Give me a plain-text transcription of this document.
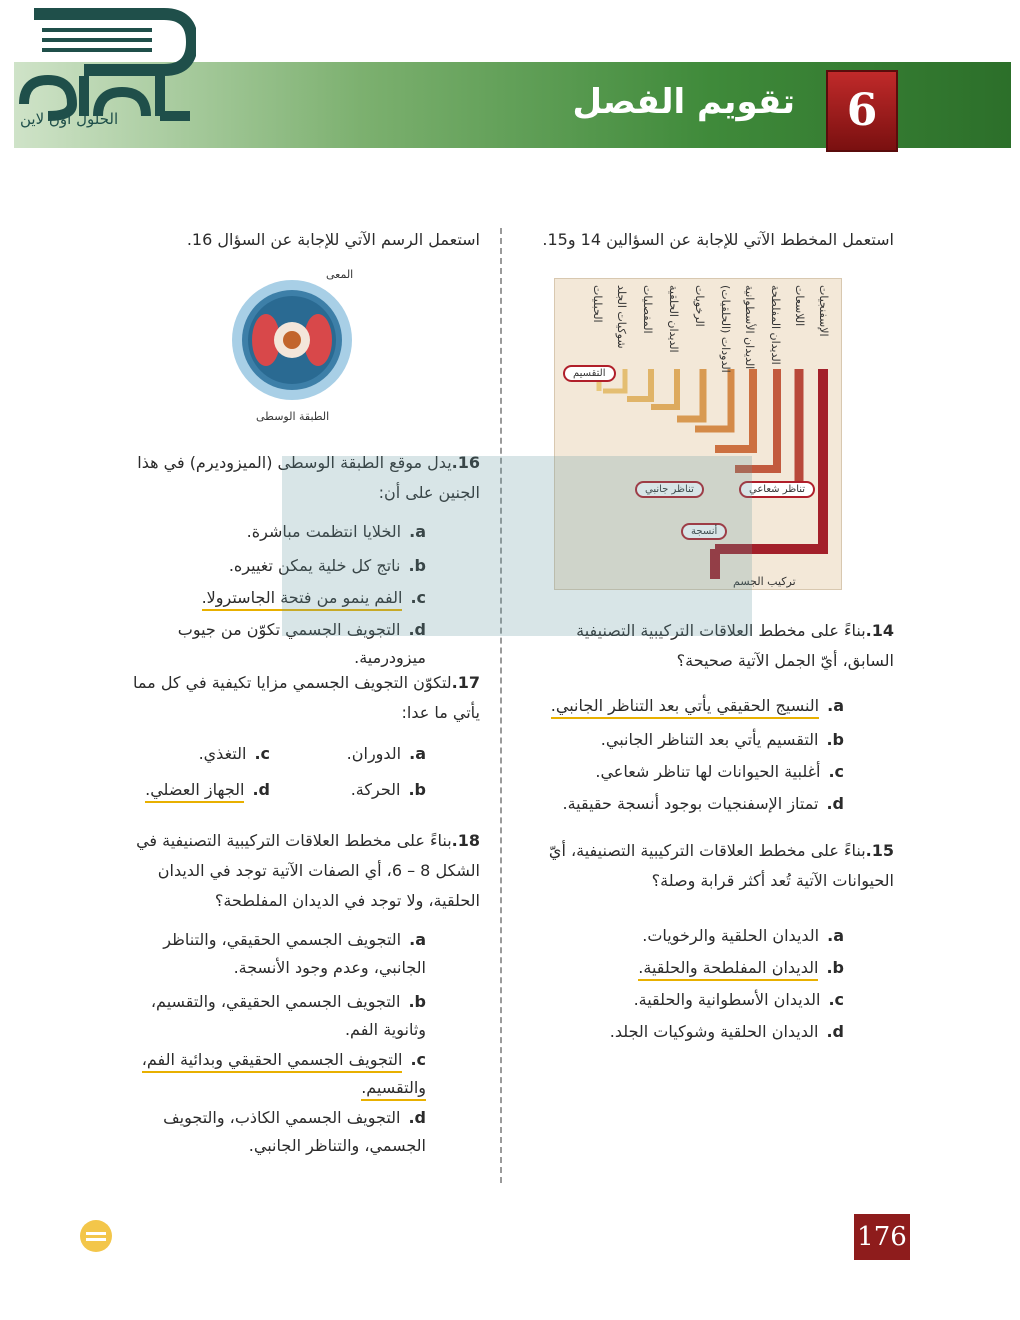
تقويم الفصل	6
الحلول اون لاين
استعمل المخطط الآتي للإجابة عن السؤالين 14 و15.
الإسفنجيات
اللاسعات
الديدان المفلطحة
الديدان الأسطوانية
الدودات (الحلقيات)
الرخويات
الديدان الحلقية
المفصليات
شوكيات الجلد
الحبليات
التقسيم
تناظر جانبي	تناظر شعاعي
أنسجة
تركيب الجسم
14.بناءً على مخطط العلاقات التركيبية التصنيفية السابق، أيّ الجمل الآتية صحيحة؟
a.النسيج الحقيقي يأتي بعد التناظر الجانبي.
b.التقسيم يأتي بعد التناظر الجانبي.
c.أغلبية الحيوانات لها تناظر شعاعي.
d.تمتاز الإسفنجيات بوجود أنسجة حقيقية.
15.بناءً على مخطط العلاقات التركيبية التصنيفية، أيّ الحيوانات الآتية تُعد أكثر قرابة وصلة؟
a.الديدان الحلقية والرخويات.
b.الديدان المفلطحة والحلقية.
c.الديدان الأسطوانية والحلقية.
d.الديدان الحلقية وشوكيات الجلد.
استعمل الرسم الآتي للإجابة عن السؤال 16.
المعى
الطبقة الوسطى
16.يدل موقع الطبقة الوسطى (الميزوديرم) في هذا الجنين على أن:
a.الخلايا انتظمت مباشرة.
b.ناتج كل خلية يمكن تغييره.
c.الفم ينمو من فتحة الجاسترولا.
d.التجويف الجسمي تكوّن من جيوب ميزودرمية.
17.لتكوّن التجويف الجسمي مزايا تكيفية في كل مما يأتي ما عدا:
a.الدوران.
c.التغذي.
b.الحركة.
d.الجهاز العضلي.
18.بناءً على مخطط العلاقات التركيبية التصنيفية في الشكل 8 – 6، أي الصفات الآتية توجد في الديدان الحلقية، ولا توجد في الديدان المفلطحة؟
a.التجويف الجسمي الحقيقي، والتناظر الجانبي، وعدم وجود الأنسجة.
b.التجويف الجسمي الحقيقي، والتقسيم، وثانوية الفم.
c.التجويف الجسمي الحقيقي وبدائية الفم، والتقسيم.
d.التجويف الجسمي الكاذب، والتجويف الجسمي، والتناظر الجانبي.
176
